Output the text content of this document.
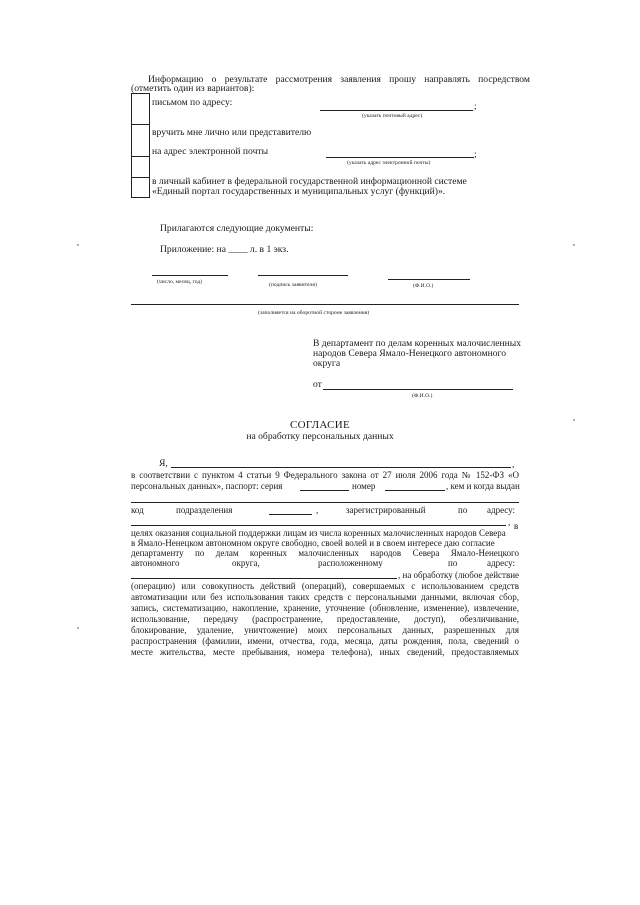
Информацию о результате рассмотрения заявления прошу направлять посредством
(отметить один из вариантов):
письмом по адресу:	;
(указать почтовый адрес)
вручить мне лично или представителю
на адрес электронной почты	;
(указать адрес электронной почты)
в личный кабинет в федеральной государственной информационной системе
«Единый портал государственных и муниципальных услуг (функций)».
Прилагаются следующие документы:
Приложение: на ____ л. в 1 экз.
(число, месяц, год)	(подпись заявителя)	(Ф.И.О.)
(заполняется на оборотной стороне заявления)
В департамент по делам коренных малочисленных
народов Севера Ямало-Ненецкого автономного
округа
от
(Ф.И.О.)
СОГЛАСИЕ
на обработку персональных данных
Я,	,
в соответствии с пунктом 4 статьи 9 Федерального закона от 27 июля 2006 года № 152-ФЗ «О
персональных данных», паспорт: серия	номер	, кем и когда выдан
код	подразделения	,	зарегистрированный	по адресу:
, в
целях оказания социальной поддержки лицам из числа коренных малочисленных народов Севера
в Ямало-Ненецком автономном округе свободно, своей волей и в своем интересе даю согласие
департаменту по делам коренных малочисленных народов Севера Ямало-Ненецкого
автономного	округа,	расположенному	по	адресу:
, на обработку (любое действие
(операцию) или совокупность действий (операций), совершаемых с использованием средств
автоматизации или без использования таких средств с персональными данными, включая сбор,
запись, систематизацию, накопление, хранение, уточнение (обновление, изменение), извлечение,
использование, передачу (распространение, предоставление, доступ), обезличивание,
блокирование, удаление, уничтожение) моих персональных данных, разрешенных для
распространения (фамилии, имени, отчества, года, месяца, даты рождения, пола, сведений о
месте жительства, месте пребывания, номера телефона), иных сведений, предоставляемых
